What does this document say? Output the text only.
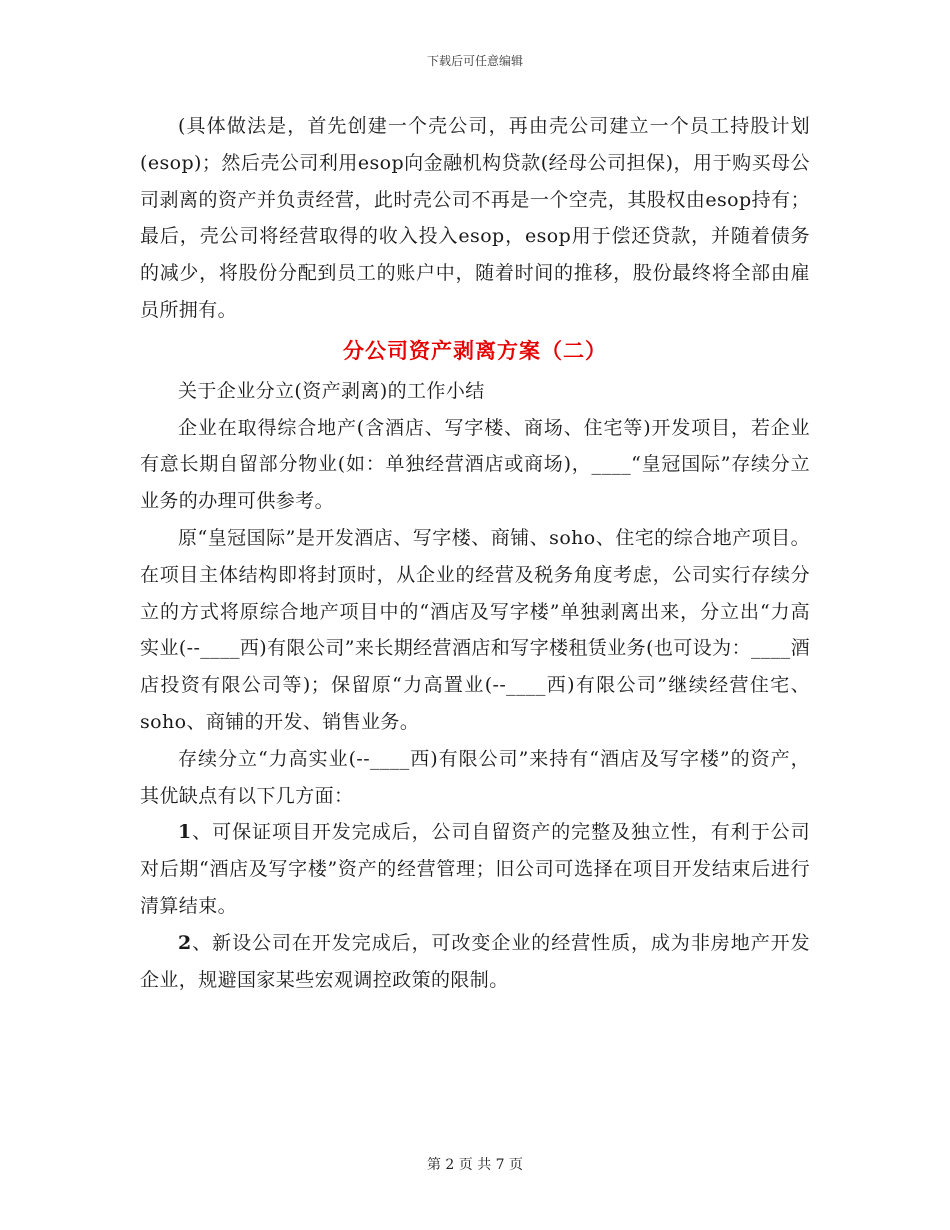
下载后可任意编辑

(具体做法是，首先创建一个壳公司，再由壳公司建立一个员工持股计划(esop)；然后壳公司利用esop向金融机构贷款(经母公司担保)，用于购买母公司剥离的资产并负责经营，此时壳公司不再是一个空壳，其股权由esop持有；最后，壳公司将经营取得的收入投入esop，esop用于偿还贷款，并随着债务的减少，将股份分配到员工的账户中，随着时间的推移，股份最终将全部由雇员所拥有。

分公司资产剥离方案（二）

关于企业分立(资产剥离)的工作小结

企业在取得综合地产(含酒店、写字楼、商场、住宅等)开发项目，若企业有意长期自留部分物业(如：单独经营酒店或商场)，____“皇冠国际”存续分立业务的办理可供参考。

原“皇冠国际”是开发酒店、写字楼、商铺、soho、住宅的综合地产项目。在项目主体结构即将封顶时，从企业的经营及税务角度考虑，公司实行存续分立的方式将原综合地产项目中的“酒店及写字楼”单独剥离出来，分立出“力高实业(--____西)有限公司”来长期经营酒店和写字楼租赁业务(也可设为：____酒店投资有限公司等)；保留原“力高置业(--____西)有限公司”继续经营住宅、soho、商铺的开发、销售业务。

存续分立“力高实业(--____西)有限公司”来持有“酒店及写字楼”的资产，其优缺点有以下几方面：

1、可保证项目开发完成后，公司自留资产的完整及独立性，有利于公司对后期“酒店及写字楼”资产的经营管理；旧公司可选择在项目开发结束后进行清算结束。

2、新设公司在开发完成后，可改变企业的经营性质，成为非房地产开发企业，规避国家某些宏观调控政策的限制。

第 2 页 共 7 页
